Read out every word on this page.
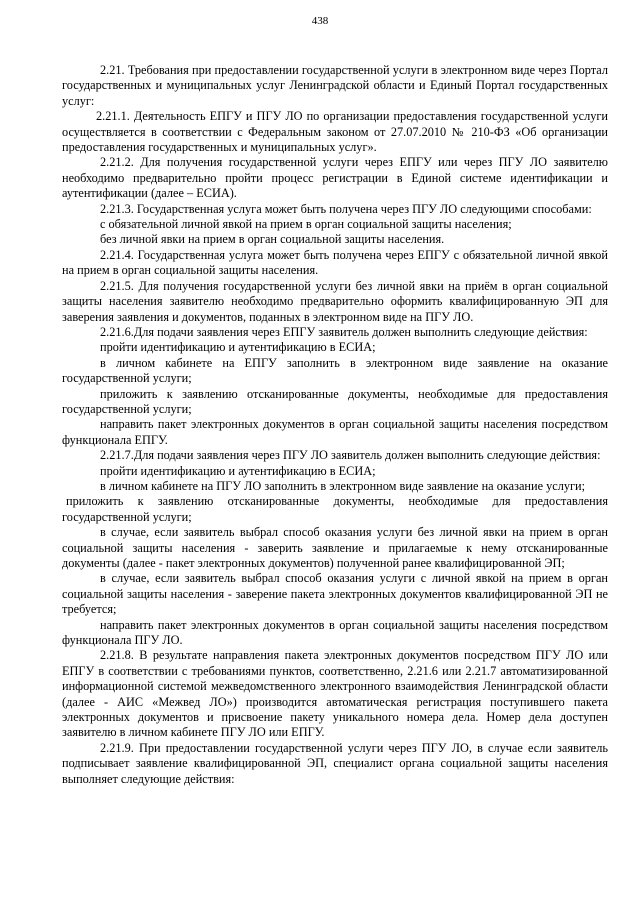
438

2.21. Требования при предоставлении государственной услуги в электронном виде через Портал государственных и муниципальных услуг Ленинградской области и Единый Портал государственных услуг:

2.21.1. Деятельность ЕПГУ и ПГУ ЛО по организации предоставления государственной услуги осуществляется в соответствии с Федеральным законом от 27.07.2010 № 210-ФЗ «Об организации предоставления государственных и муниципальных услуг».

2.21.2. Для получения государственной услуги через ЕПГУ или через ПГУ ЛО заявителю необходимо предварительно пройти процесс регистрации в Единой системе идентификации и аутентификации (далее – ЕСИА).

2.21.3. Государственная услуга может быть получена через ПГУ ЛО следующими способами:

с обязательной личной явкой на прием в орган социальной защиты населения;

без личной явки на прием в орган социальной защиты населения.

2.21.4. Государственная услуга может быть получена через ЕПГУ с обязательной личной явкой на прием в орган социальной защиты населения.

2.21.5. Для получения государственной услуги без личной явки на приём в орган социальной защиты населения заявителю необходимо предварительно оформить квалифицированную ЭП для заверения заявления и документов, поданных в электронном виде на ПГУ ЛО.

2.21.6.Для подачи заявления через ЕПГУ заявитель должен выполнить следующие действия:

пройти идентификацию и аутентификацию в ЕСИА;

в личном кабинете на ЕПГУ заполнить в электронном виде заявление на оказание государственной услуги;

приложить к заявлению отсканированные документы, необходимые для предоставления государственной услуги;

направить пакет электронных документов в орган социальной защиты населения посредством функционала ЕПГУ.

2.21.7.Для подачи заявления через ПГУ ЛО заявитель должен выполнить следующие действия:

пройти идентификацию и аутентификацию в ЕСИА;

в личном кабинете на ПГУ ЛО заполнить в электронном виде заявление на оказание услуги;

приложить к заявлению отсканированные документы, необходимые для предоставления государственной услуги;

в случае, если заявитель выбрал способ оказания услуги без личной явки на прием в орган социальной защиты населения - заверить заявление и прилагаемые к нему отсканированные документы (далее - пакет электронных документов) полученной ранее квалифицированной ЭП;

в случае, если заявитель выбрал способ оказания услуги с личной явкой на прием в орган социальной защиты населения - заверение пакета электронных документов квалифицированной ЭП не требуется;

направить пакет электронных документов в орган социальной защиты населения посредством функционала ПГУ ЛО.

2.21.8. В результате направления пакета электронных документов посредством ПГУ ЛО или ЕПГУ в соответствии с требованиями пунктов, соответственно, 2.21.6 или 2.21.7 автоматизированной информационной системой межведомственного электронного взаимодействия Ленинградской области (далее - АИС «Межвед ЛО») производится автоматическая регистрация поступившего пакета электронных документов и присвоение пакету уникального номера дела. Номер дела доступен заявителю в личном кабинете ПГУ ЛО или ЕПГУ.

2.21.9. При предоставлении государственной услуги через ПГУ ЛО, в случае если заявитель подписывает заявление квалифицированной ЭП, специалист органа социальной защиты населения выполняет следующие действия:
